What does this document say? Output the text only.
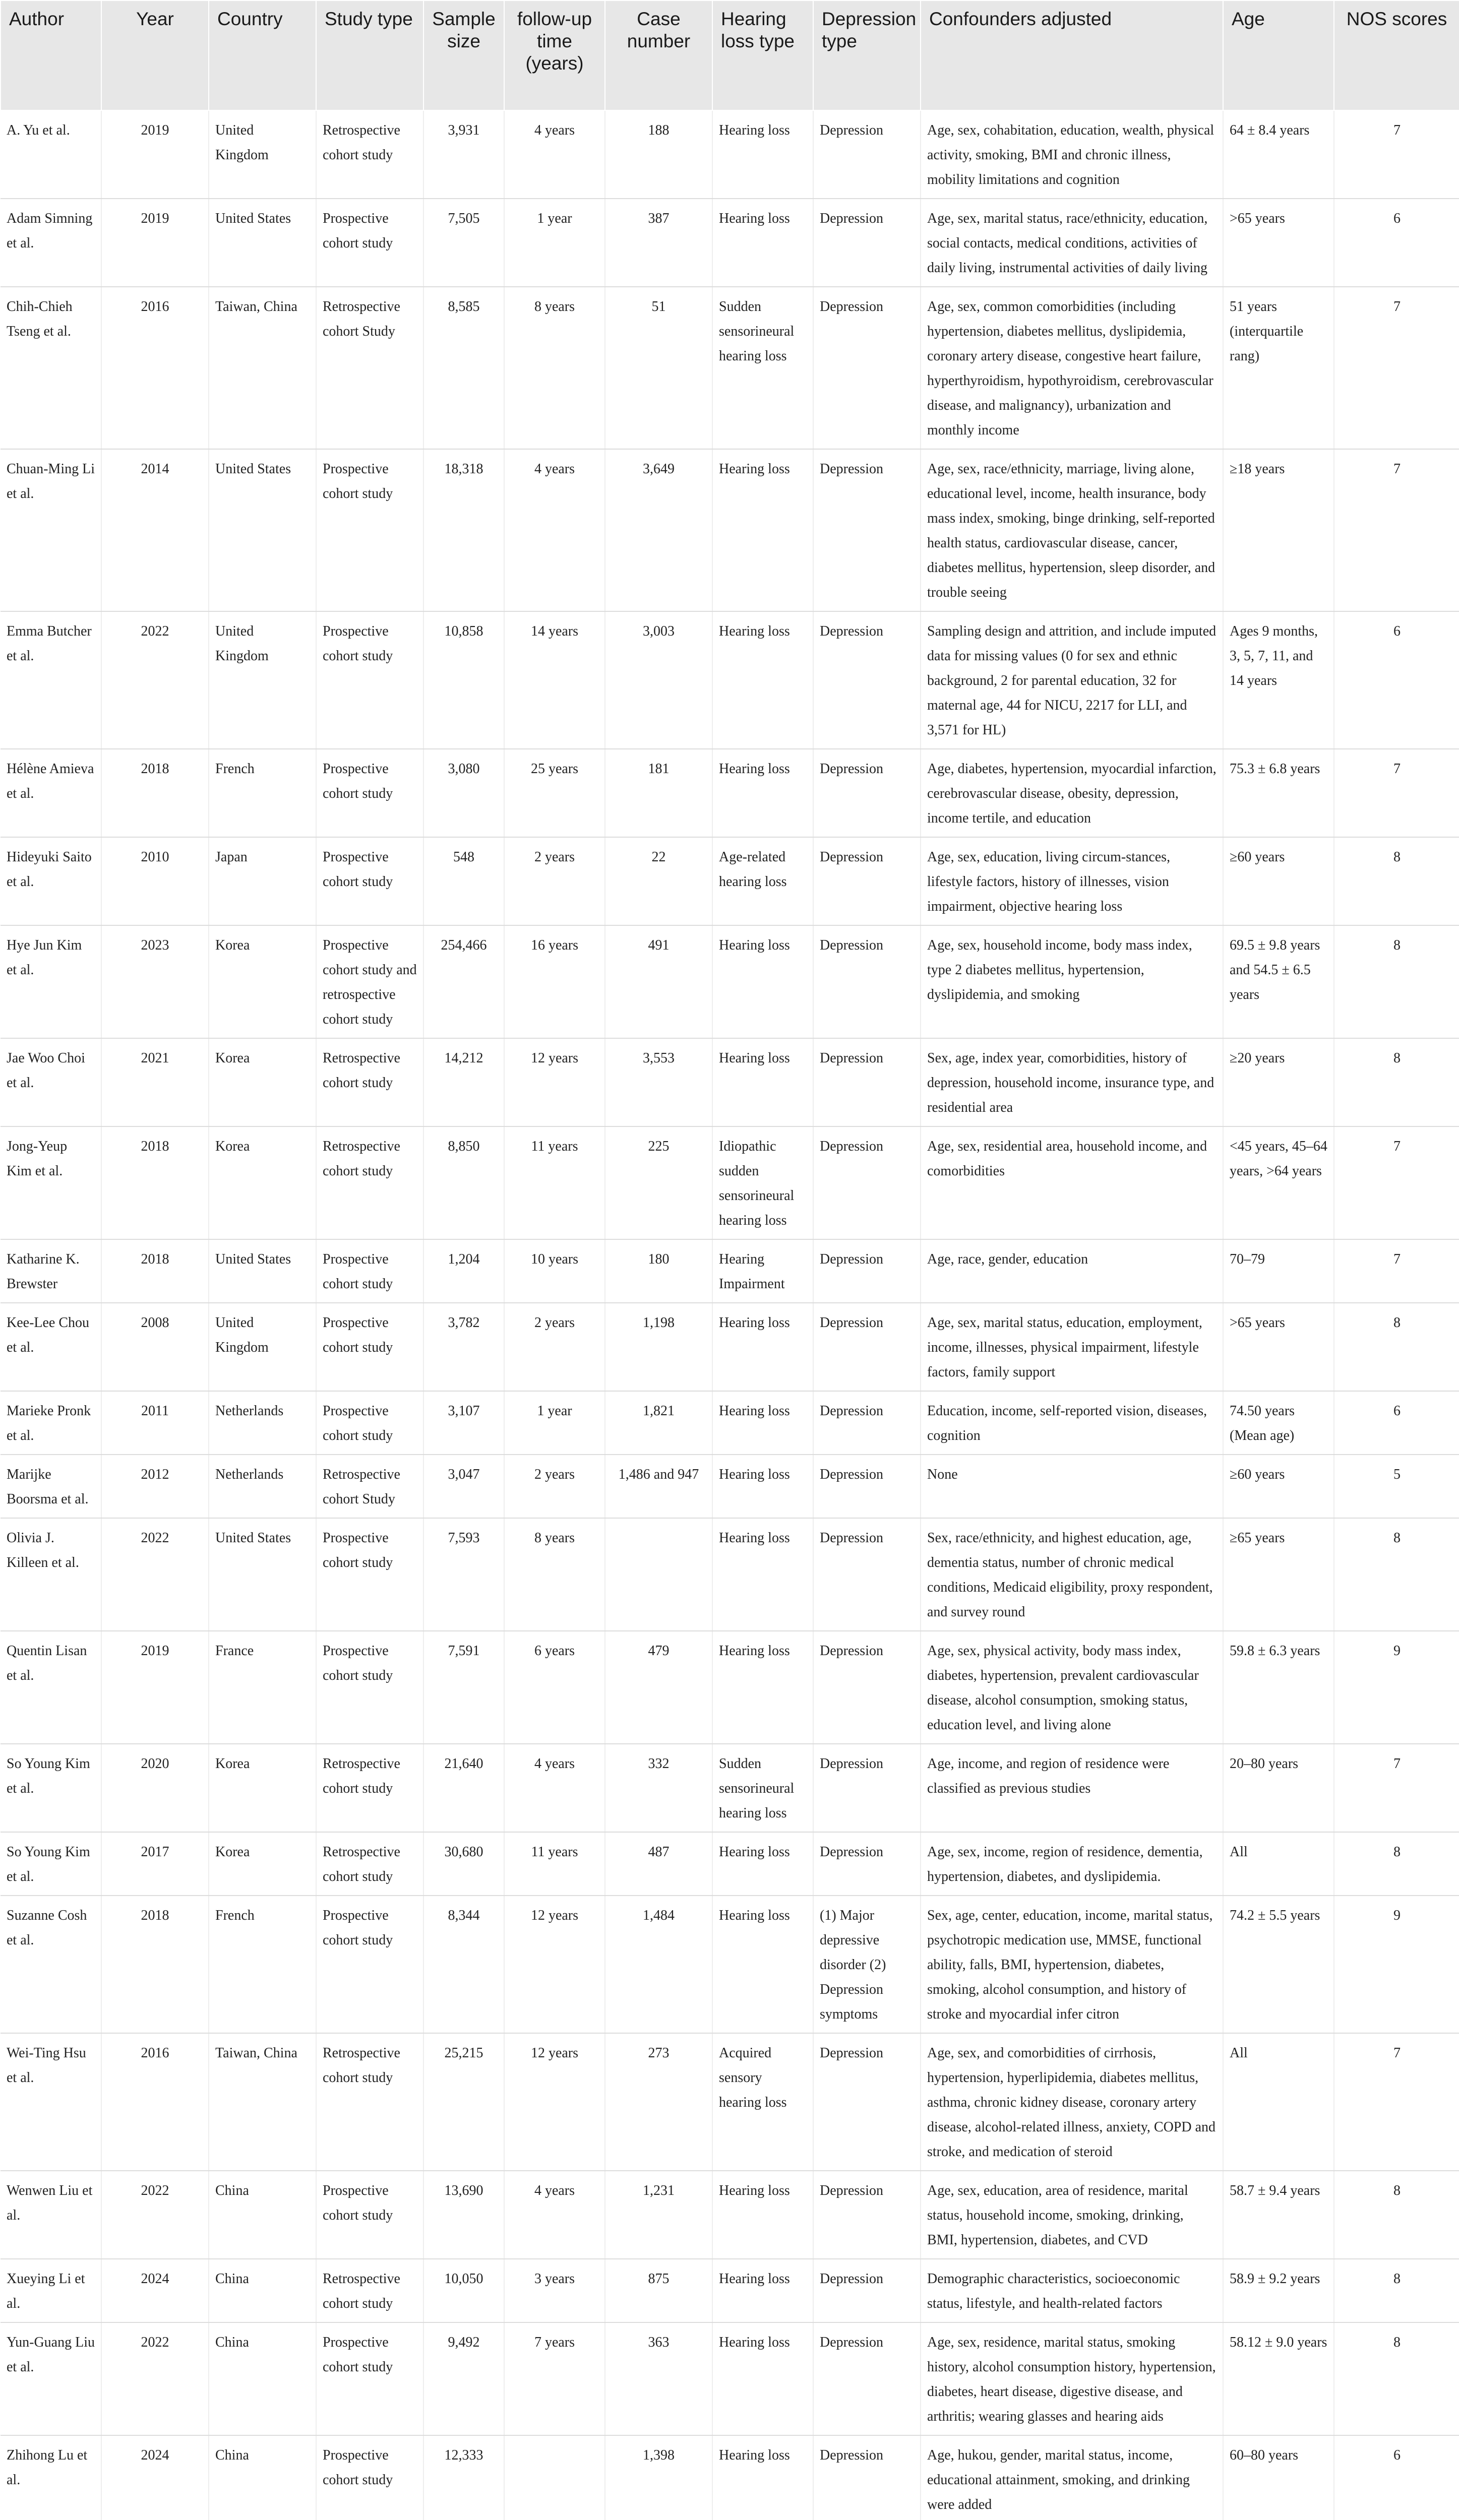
Author	Year	Country	Study type	Sample size	follow-up time (years)	Case number	Hearing loss type	Depression type	Confounders adjusted	Age	NOS scores
A. Yu et al.	2019	United Kingdom	Retrospective cohort study	3,931	4 years	188	Hearing loss	Depression	Age, sex, cohabitation, education, wealth, physical activity, smoking, BMI and chronic illness, mobility limitations and cognition	64 ± 8.4 years	7
Adam Simning et al.	2019	United States	Prospective cohort study	7,505	1 year	387	Hearing loss	Depression	Age, sex, marital status, race/ethnicity, education, social contacts, medical conditions, activities of daily living, instrumental activities of daily living	>65 years	6
Chih-Chieh Tseng et al.	2016	Taiwan, China	Retrospective cohort Study	8,585	8 years	51	Sudden sensorineural hearing loss	Depression	Age, sex, common comorbidities (including hypertension, diabetes mellitus, dyslipidemia, coronary artery disease, congestive heart failure, hyperthyroidism, hypothyroidism, cerebrovascular disease, and malignancy), urbanization and monthly income	51 years (interquartile rang)	7
Chuan-Ming Li et al.	2014	United States	Prospective cohort study	18,318	4 years	3,649	Hearing loss	Depression	Age, sex, race/ethnicity, marriage, living alone, educational level, income, health insurance, body mass index, smoking, binge drinking, self-reported health status, cardiovascular disease, cancer, diabetes mellitus, hypertension, sleep disorder, and trouble seeing	≥18 years	7
Emma Butcher et al.	2022	United Kingdom	Prospective cohort study	10,858	14 years	3,003	Hearing loss	Depression	Sampling design and attrition, and include imputed data for missing values (0 for sex and ethnic background, 2 for parental education, 32 for maternal age, 44 for NICU, 2217 for LLI, and 3,571 for HL)	Ages 9 months, 3, 5, 7, 11, and 14 years	6
Hélène Amieva et al.	2018	French	Prospective cohort study	3,080	25 years	181	Hearing loss	Depression	Age, diabetes, hypertension, myocardial infarction, cerebrovascular disease, obesity, depression, income tertile, and education	75.3 ± 6.8 years	7
Hideyuki Saito et al.	2010	Japan	Prospective cohort study	548	2 years	22	Age-related hearing loss	Depression	Age, sex, education, living circum-stances, lifestyle factors, history of illnesses, vision impairment, objective hearing loss	≥60 years	8
Hye Jun Kim et al.	2023	Korea	Prospective cohort study and retrospective cohort study	254,466	16 years	491	Hearing loss	Depression	Age, sex, household income, body mass index, type 2 diabetes mellitus, hypertension, dyslipidemia, and smoking	69.5 ± 9.8 years and 54.5 ± 6.5 years	8
Jae Woo Choi et al.	2021	Korea	Retrospective cohort study	14,212	12 years	3,553	Hearing loss	Depression	Sex, age, index year, comorbidities, history of depression, household income, insurance type, and residential area	≥20 years	8
Jong-Yeup Kim et al.	2018	Korea	Retrospective cohort study	8,850	11 years	225	Idiopathic sudden sensorineural hearing loss	Depression	Age, sex, residential area, household income, and comorbidities	<45 years, 45–64 years, >64 years	7
Katharine K. Brewster	2018	United States	Prospective cohort study	1,204	10 years	180	Hearing Impairment	Depression	Age, race, gender, education	70–79	7
Kee-Lee Chou et al.	2008	United Kingdom	Prospective cohort study	3,782	2 years	1,198	Hearing loss	Depression	Age, sex, marital status, education, employment, income, illnesses, physical impairment, lifestyle factors, family support	>65 years	8
Marieke Pronk et al.	2011	Netherlands	Prospective cohort study	3,107	1 year	1,821	Hearing loss	Depression	Education, income, self-reported vision, diseases, cognition	74.50 years (Mean age)	6
Marijke Boorsma et al.	2012	Netherlands	Retrospective cohort Study	3,047	2 years	1,486 and 947	Hearing loss	Depression	None	≥60 years	5
Olivia J. Killeen et al.	2022	United States	Prospective cohort study	7,593	8 years		Hearing loss	Depression	Sex, race/ethnicity, and highest education, age, dementia status, number of chronic medical conditions, Medicaid eligibility, proxy respondent, and survey round	≥65 years	8
Quentin Lisan et al.	2019	France	Prospective cohort study	7,591	6 years	479	Hearing loss	Depression	Age, sex, physical activity, body mass index, diabetes, hypertension, prevalent cardiovascular disease, alcohol consumption, smoking status, education level, and living alone	59.8 ± 6.3 years	9
So Young Kim et al.	2020	Korea	Retrospective cohort study	21,640	4 years	332	Sudden sensorineural hearing loss	Depression	Age, income, and region of residence were classified as previous studies	20–80 years	7
So Young Kim et al.	2017	Korea	Retrospective cohort study	30,680	11 years	487	Hearing loss	Depression	Age, sex, income, region of residence, dementia, hypertension, diabetes, and dyslipidemia.	All	8
Suzanne Cosh et al.	2018	French	Prospective cohort study	8,344	12 years	1,484	Hearing loss	(1) Major depressive disorder (2) Depression symptoms	Sex, age, center, education, income, marital status, psychotropic medication use, MMSE, functional ability, falls, BMI, hypertension, diabetes, smoking, alcohol consumption, and history of stroke and myocardial infer citron	74.2 ± 5.5 years	9
Wei-Ting Hsu et al.	2016	Taiwan, China	Retrospective cohort study	25,215	12 years	273	Acquired sensory hearing loss	Depression	Age, sex, and comorbidities of cirrhosis, hypertension, hyperlipidemia, diabetes mellitus, asthma, chronic kidney disease, coronary artery disease, alcohol-related illness, anxiety, COPD and stroke, and medication of steroid	All	7
Wenwen Liu et al.	2022	China	Prospective cohort study	13,690	4 years	1,231	Hearing loss	Depression	Age, sex, education, area of residence, marital status, household income, smoking, drinking, BMI, hypertension, diabetes, and CVD	58.7 ± 9.4 years	8
Xueying Li et al.	2024	China	Retrospective cohort study	10,050	3 years	875	Hearing loss	Depression	Demographic characteristics, socioeconomic status, lifestyle, and health-related factors	58.9 ± 9.2 years	8
Yun-Guang Liu et al.	2022	China	Prospective cohort study	9,492	7 years	363	Hearing loss	Depression	Age, sex, residence, marital status, smoking history, alcohol consumption history, hypertension, diabetes, heart disease, digestive disease, and arthritis; wearing glasses and hearing aids	58.12 ± 9.0 years	8
Zhihong Lu et al.	2024	China	Prospective cohort study	12,333		1,398	Hearing loss	Depression	Age, hukou, gender, marital status, income, educational attainment, smoking, and drinking were added	60–80 years	6
